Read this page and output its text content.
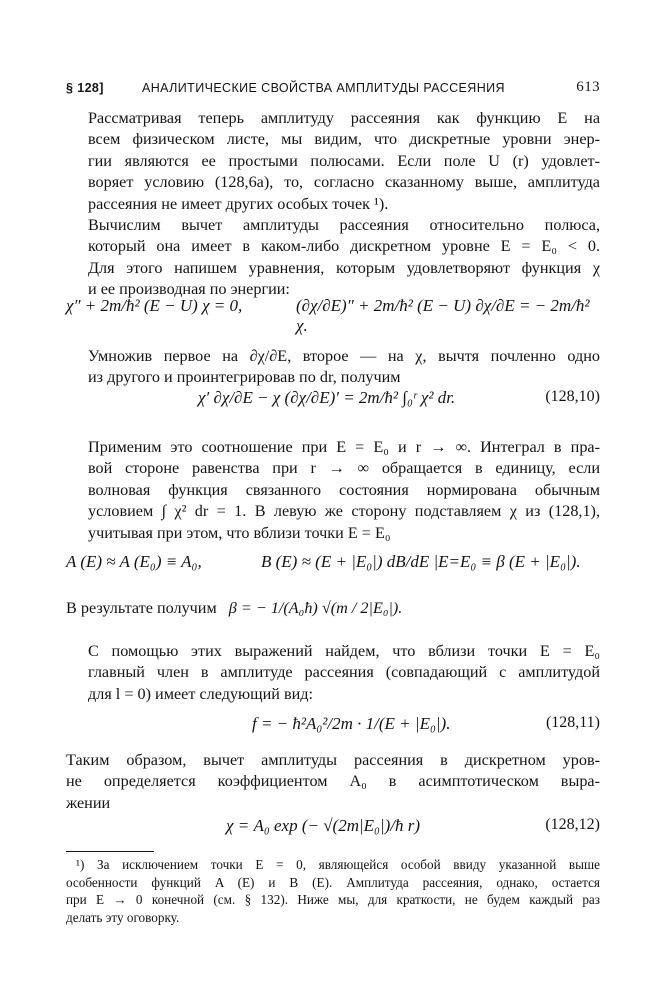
§ 128]	АНАЛИТИЧЕСКИЕ СВОЙСТВА АМПЛИТУДЫ РАССЕЯНИЯ	613
Рассматривая теперь амплитуду рассеяния как функцию E на
всем физическом листе, мы видим, что дискретные уровни энер-
гии являются ее простыми полюсами. Если поле U (r) удовлет-
воряет условию (128,6а), то, согласно сказанному выше, амплитуда
рассеяния не имеет других особых точек ¹).
Вычислим вычет амплитуды рассеяния относительно полюса,
который она имеет в каком-либо дискретном уровне E = E₀ < 0.
Для этого напишем уравнения, которым удовлетворяют функция χ
и ее производная по энергии:
χ″ + 2m/ħ² (E − U) χ = 0,	(∂χ/∂E)″ + 2m/ħ² (E − U) ∂χ/∂E = − 2m/ħ² χ.
Умножив первое на ∂χ/∂E, второе — на χ, вычтя почленно одно
из другого и проинтегрировав по dr, получим
χ′ ∂χ/∂E − χ (∂χ/∂E)′ = 2m/ħ² ∫₀ʳ χ² dr.	(128,10)
Применим это соотношение при E = E₀ и r → ∞. Интеграл в пра-
вой стороне равенства при r → ∞ обращается в единицу, если
волновая функция связанного состояния нормирована обычным
условием ∫ χ² dr = 1. В левую же сторону подставляем χ из (128,1),
учитывая при этом, что вблизи точки E = E₀
A (E) ≈ A (E₀) ≡ A₀,	B (E) ≈ (E + |E₀|) dB/dE |E=E₀ ≡ β (E + |E₀|).
В результате получим β = − 1/(A₀ħ) √(m / 2|E₀|).
С помощью этих выражений найдем, что вблизи точки E = E₀
главный член в амплитуде рассеяния (совпадающий с амплитудой
для l = 0) имеет следующий вид:
f = − ħ²A₀²/2m · 1/(E + |E₀|).	(128,11)
Таким образом, вычет амплитуды рассеяния в дискретном уров-
не определяется коэффициентом A₀ в асимптотическом выра-
жении
χ = A₀ exp (− √(2m|E₀|)/ħ r)	(128,12)
¹) За исключением точки E = 0, являющейся особой ввиду указанной выше
особенности функций A (E) и B (E). Амплитуда рассеяния, однако, остается
при E → 0 конечной (см. § 132). Ниже мы, для краткости, не будем каждый раз
делать эту оговорку.
